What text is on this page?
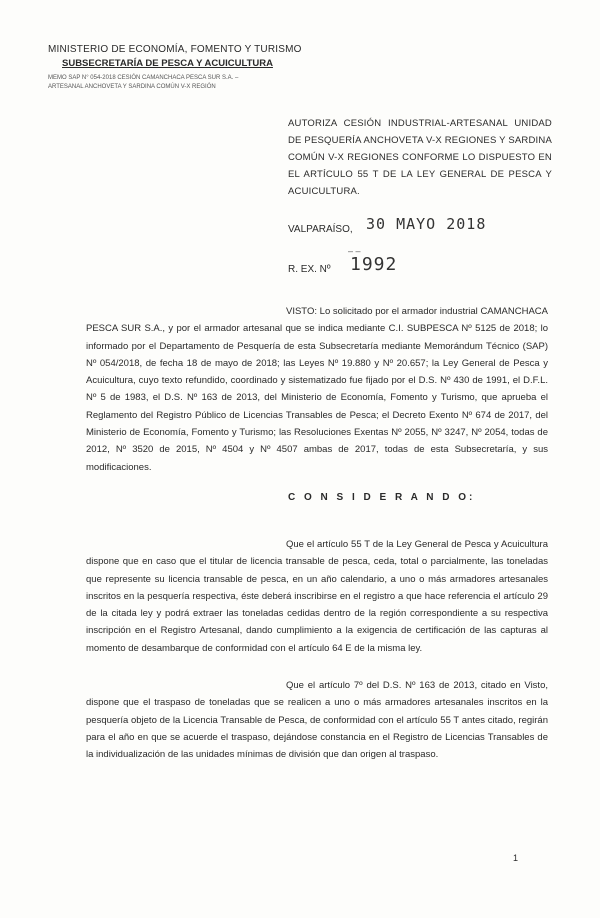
MINISTERIO DE ECONOMÍA, FOMENTO Y TURISMO
SUBSECRETARÍA DE PESCA Y ACUICULTURA
MEMO SAP N° 054-2018 CESIÓN CAMANCHACA PESCA SUR S.A. – ARTESANAL ANCHOVETA Y SARDINA COMÚN V-X REGIÓN
AUTORIZA CESIÓN INDUSTRIAL-ARTESANAL UNIDAD DE PESQUERÍA ANCHOVETA V-X REGIONES Y SARDINA COMÚN V-X REGIONES CONFORME LO DISPUESTO EN EL ARTÍCULO 55 T DE LA LEY GENERAL DE PESCA Y ACUICULTURA.
VALPARAÍSO, 30 MAYO 2018
– –
R. EX. Nº 1992
VISTO: Lo solicitado por el armador industrial CAMANCHACA PESCA SUR S.A., y por el armador artesanal que se indica mediante C.I. SUBPESCA Nº 5125 de 2018; lo informado por el Departamento de Pesquería de esta Subsecretaría mediante Memorándum Técnico (SAP) Nº 054/2018, de fecha 18 de mayo de 2018; las Leyes Nº 19.880 y Nº 20.657; la Ley General de Pesca y Acuicultura, cuyo texto refundido, coordinado y sistematizado fue fijado por el D.S. Nº 430 de 1991, el D.F.L. Nº 5 de 1983, el D.S. Nº 163 de 2013, del Ministerio de Economía, Fomento y Turismo, que aprueba el Reglamento del Registro Público de Licencias Transables de Pesca; el Decreto Exento Nº 674 de 2017, del Ministerio de Economía, Fomento y Turismo; las Resoluciones Exentas Nº 2055, Nº 3247, Nº 2054, todas de 2012, Nº 3520 de 2015, Nº 4504 y Nº 4507 ambas de 2017, todas de esta Subsecretaría, y sus modificaciones.
C O N S I D E R A N D O:
Que el artículo 55 T de la Ley General de Pesca y Acuicultura dispone que en caso que el titular de licencia transable de pesca, ceda, total o parcialmente, las toneladas que represente su licencia transable de pesca, en un año calendario, a uno o más armadores artesanales inscritos en la pesquería respectiva, éste deberá inscribirse en el registro a que hace referencia el artículo 29 de la citada ley y podrá extraer las toneladas cedidas dentro de la región correspondiente a su respectiva inscripción en el Registro Artesanal, dando cumplimiento a la exigencia de certificación de las capturas al momento de desambarque de conformidad con el artículo 64 E de la misma ley.
Que el artículo 7º del D.S. Nº 163 de 2013, citado en Visto, dispone que el traspaso de toneladas que se realicen a uno o más armadores artesanales inscritos en la pesquería objeto de la Licencia Transable de Pesca, de conformidad con el artículo 55 T antes citado, regirán para el año en que se acuerde el traspaso, dejándose constancia en el Registro de Licencias Transables de la individualización de las unidades mínimas de división que dan origen al traspaso.
1
